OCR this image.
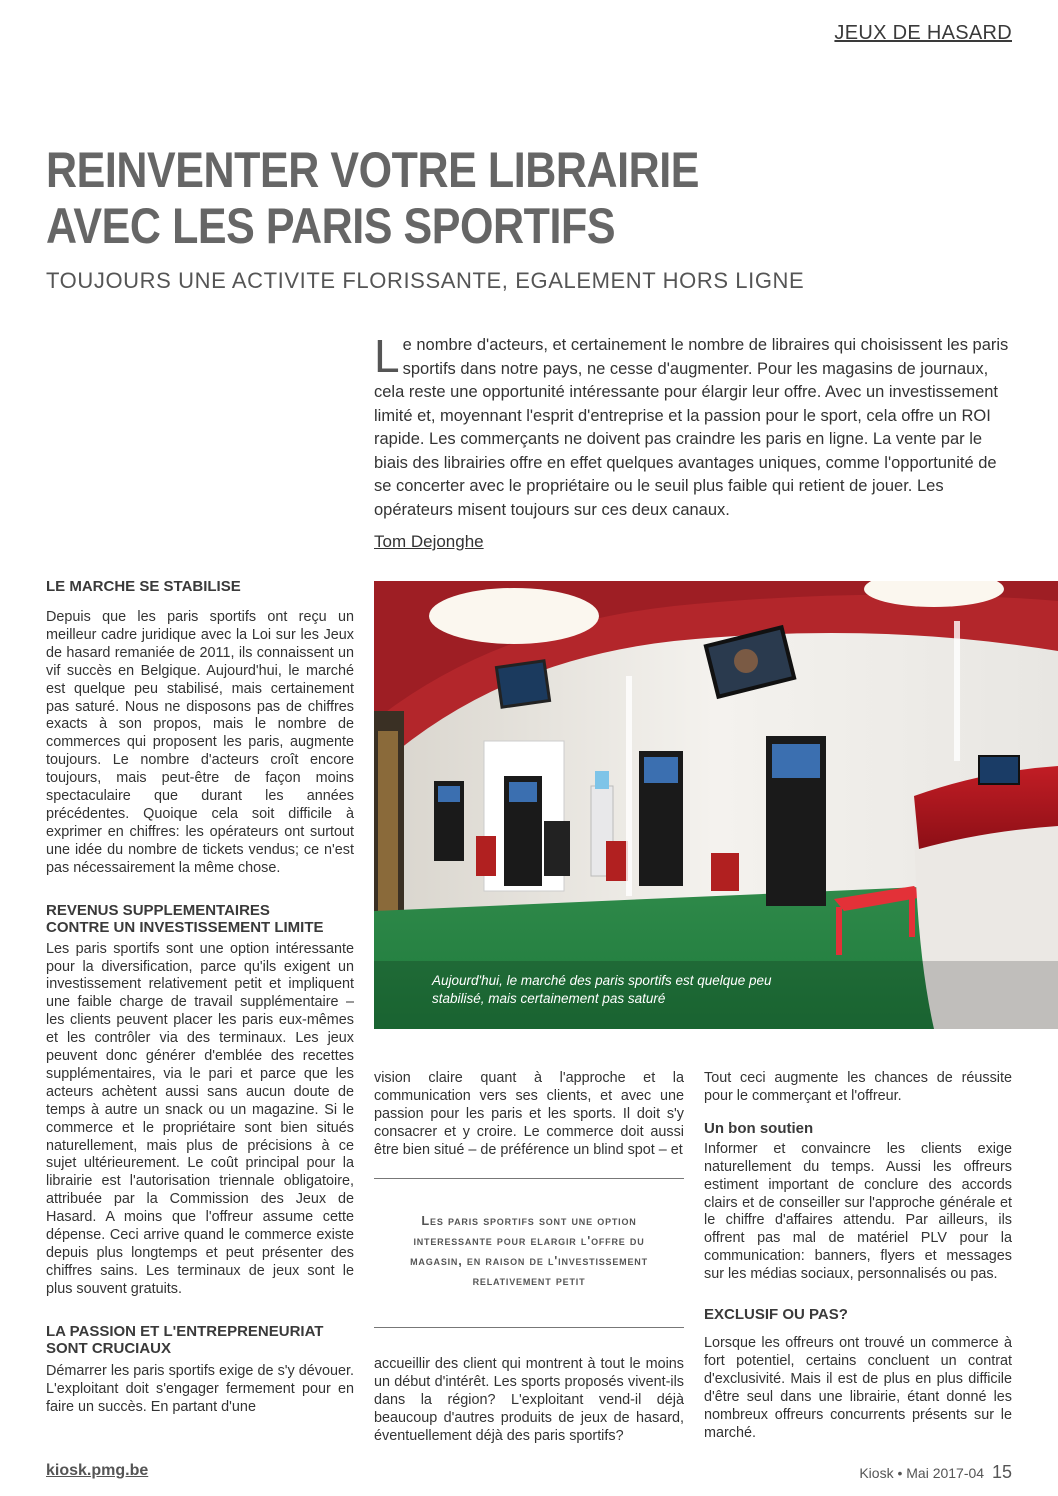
JEUX DE HASARD
REINVENTER VOTRE LIBRAIRIE
AVEC LES PARIS SPORTIFS
TOUJOURS UNE ACTIVITE FLORISSANTE, EGALEMENT HORS LIGNE
L e nombre d'acteurs, et certainement le nombre de libraires qui choisissent les paris sportifs dans notre pays, ne cesse d'augmenter. Pour les magasins de journaux, cela reste une opportunité intéressante pour élargir leur offre. Avec un investissement limité et, moyennant l'esprit d'entreprise et la passion pour le sport, cela offre un ROI rapide. Les commerçants ne doivent pas craindre les paris en ligne. La vente par le biais des librairies offre en effet quelques avantages uniques, comme l'opportunité de se concerter avec le propriétaire ou le seuil plus faible qui retient de jouer. Les opérateurs misent toujours sur ces deux canaux.
Tom Dejonghe
LE MARCHE SE STABILISE

Depuis que les paris sportifs ont reçu un meilleur cadre juridique avec la Loi sur les Jeux de hasard remaniée de 2011, ils connaissent un vif succès en Belgique. Aujourd'hui, le marché est quelque peu stabilisé, mais certainement pas saturé. Nous ne disposons pas de chiffres exacts à son propos, mais le nombre de commerces qui proposent les paris, augmente toujours. Le nombre d'acteurs croît encore toujours, mais peut-être de façon moins spectaculaire que durant les années précédentes. Quoique cela soit difficile à exprimer en chiffres: les opérateurs ont surtout une idée du nombre de tickets vendus; ce n'est pas nécessairement la même chose.

REVENUS SUPPLEMENTAIRES
CONTRE UN INVESTISSEMENT LIMITE

Les paris sportifs sont une option intéressante pour la diversification, parce qu'ils exigent un investissement relativement petit et impliquent une faible charge de travail supplémentaire – les clients peuvent placer les paris eux-mêmes et les contrôler via des terminaux. Les jeux peuvent donc générer d'emblée des recettes supplémentaires, via le pari et parce que les acteurs achètent aussi sans aucun doute de temps à autre un snack ou un magazine. Si le commerce et le propriétaire sont bien situés naturellement, mais plus de précisions à ce sujet ultérieurement. Le coût principal pour la librairie est l'autorisation triennale obligatoire, attribuée par la Commission des Jeux de Hasard. A moins que l'offreur assume cette dépense. Ceci arrive quand le commerce existe depuis plus longtemps et peut présenter des chiffres sains. Les terminaux de jeux sont le plus souvent gratuits.

LA PASSION ET L'ENTREPRENEURIAT
SONT CRUCIAUX

Démarrer les paris sportifs exige de s'y dévouer. L'exploitant doit s'engager fermement pour en faire un succès. En partant d'une

Aujourd'hui, le marché des paris sportifs est quelque peu stabilisé, mais certainement pas saturé

vision claire quant à l'approche et la communication vers ses clients, et avec une passion pour les paris et les sports. Il doit s'y consacrer et y croire. Le commerce doit aussi être bien situé – de préférence un blind spot – et

Les paris sportifs sont une option interessante pour elargir l'offre du magasin, en raison de l'investissement relativement petit

accueillir des client qui montrent à tout le moins un début d'intérêt. Les sports proposés vivent-ils dans la région? L'exploitant vend-il déjà beaucoup d'autres produits de jeux de hasard, éventuellement déjà des paris sportifs?

Tout ceci augmente les chances de réussite pour le commerçant et l'offreur.

Un bon soutien

Informer et convaincre les clients exige naturellement du temps. Aussi les offreurs estiment important de conclure des accords clairs et de conseiller sur l'approche générale et le chiffre d'affaires attendu. Par ailleurs, ils offrent pas mal de matériel PLV pour la communication: banners, flyers et messages sur les médias sociaux, personnalisés ou pas.

EXCLUSIF OU PAS?

Lorsque les offreurs ont trouvé un commerce à fort potentiel, certains concluent un contrat d'exclusivité. Mais il est de plus en plus difficile d'être seul dans une librairie, étant donné les nombreux offreurs concurrents présents sur le marché.

kiosk.pmg.be	Kiosk • Mai 2017-04 15
